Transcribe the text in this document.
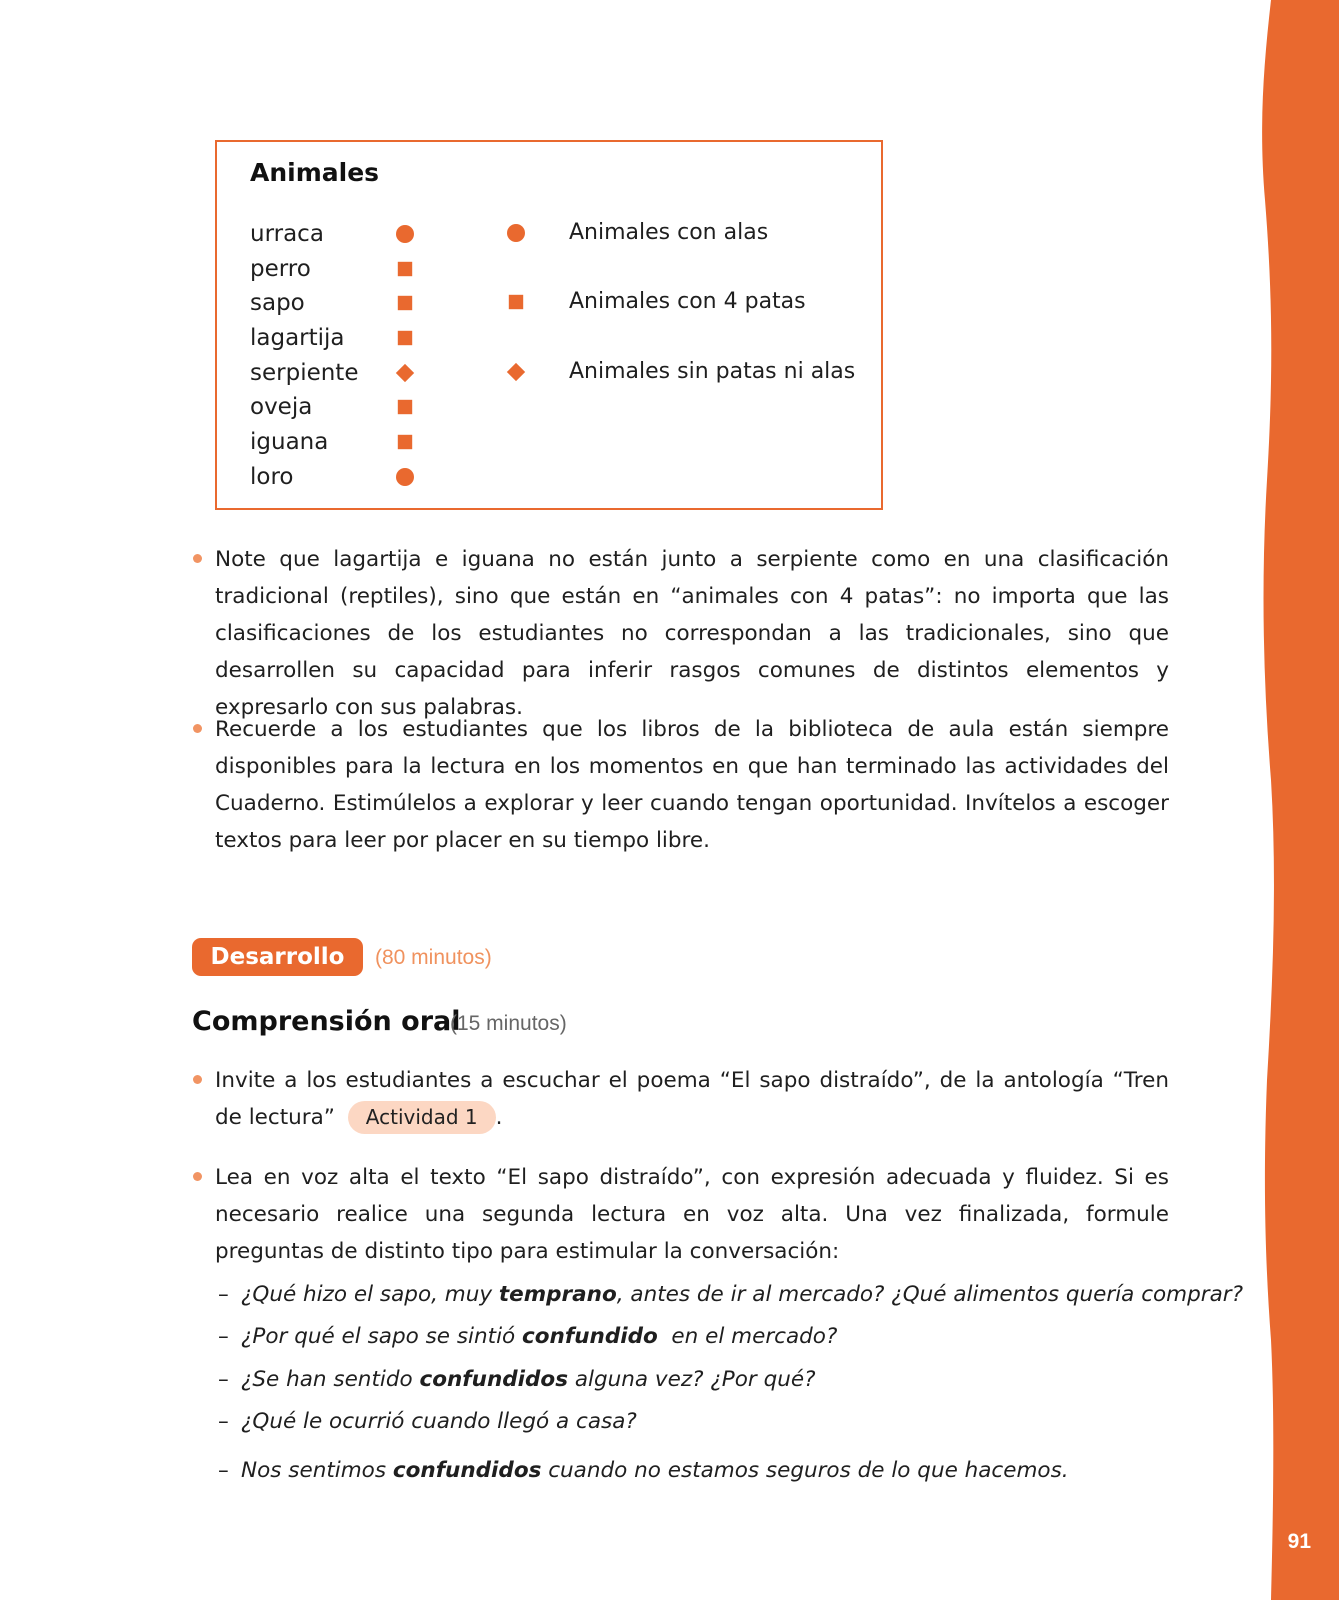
91
Animales
urraca
perro
sapo
lagartija
serpiente
oveja
iguana
loro
Animales con alas
Animales con 4 patas
Animales sin patas ni alas
Note que lagartija e iguana no están junto a serpiente como en una clasificación tradicional (reptiles), sino que están en “animales con 4 patas”: no importa que las clasificaciones de los estudiantes no correspondan a las tradicionales, sino que desarrollen su capacidad para inferir rasgos comunes de distintos elementos y expresarlo con sus palabras.
Recuerde a los estudiantes que los libros de la biblioteca de aula están siempre disponibles para la lectura en los momentos en que han terminado las actividades del Cuaderno. Estimúlelos a explorar y leer cuando tengan oportunidad. Invítelos a escoger textos para leer por placer en su tiempo libre.
Desarrollo	(80 minutos)
Comprensión oral
(15 minutos)
Invite a los estudiantes a escuchar el poema “El sapo distraído”, de la antología “Tren de lectura” Actividad 1 .
Lea en voz alta el texto “El sapo distraído”, con expresión adecuada y fluidez. Si es necesario realice una segunda lectura en voz alta. Una vez finalizada, formule preguntas de distinto tipo para estimular la conversación:
– ¿Qué hizo el sapo, muy temprano, antes de ir al mercado? ¿Qué alimentos quería comprar?
– ¿Por qué el sapo se sintió confundido  en el mercado?
– ¿Se han sentido confundidos alguna vez? ¿Por qué?
– ¿Qué le ocurrió cuando llegó a casa?
– Nos sentimos confundidos cuando no estamos seguros de lo que hacemos.
